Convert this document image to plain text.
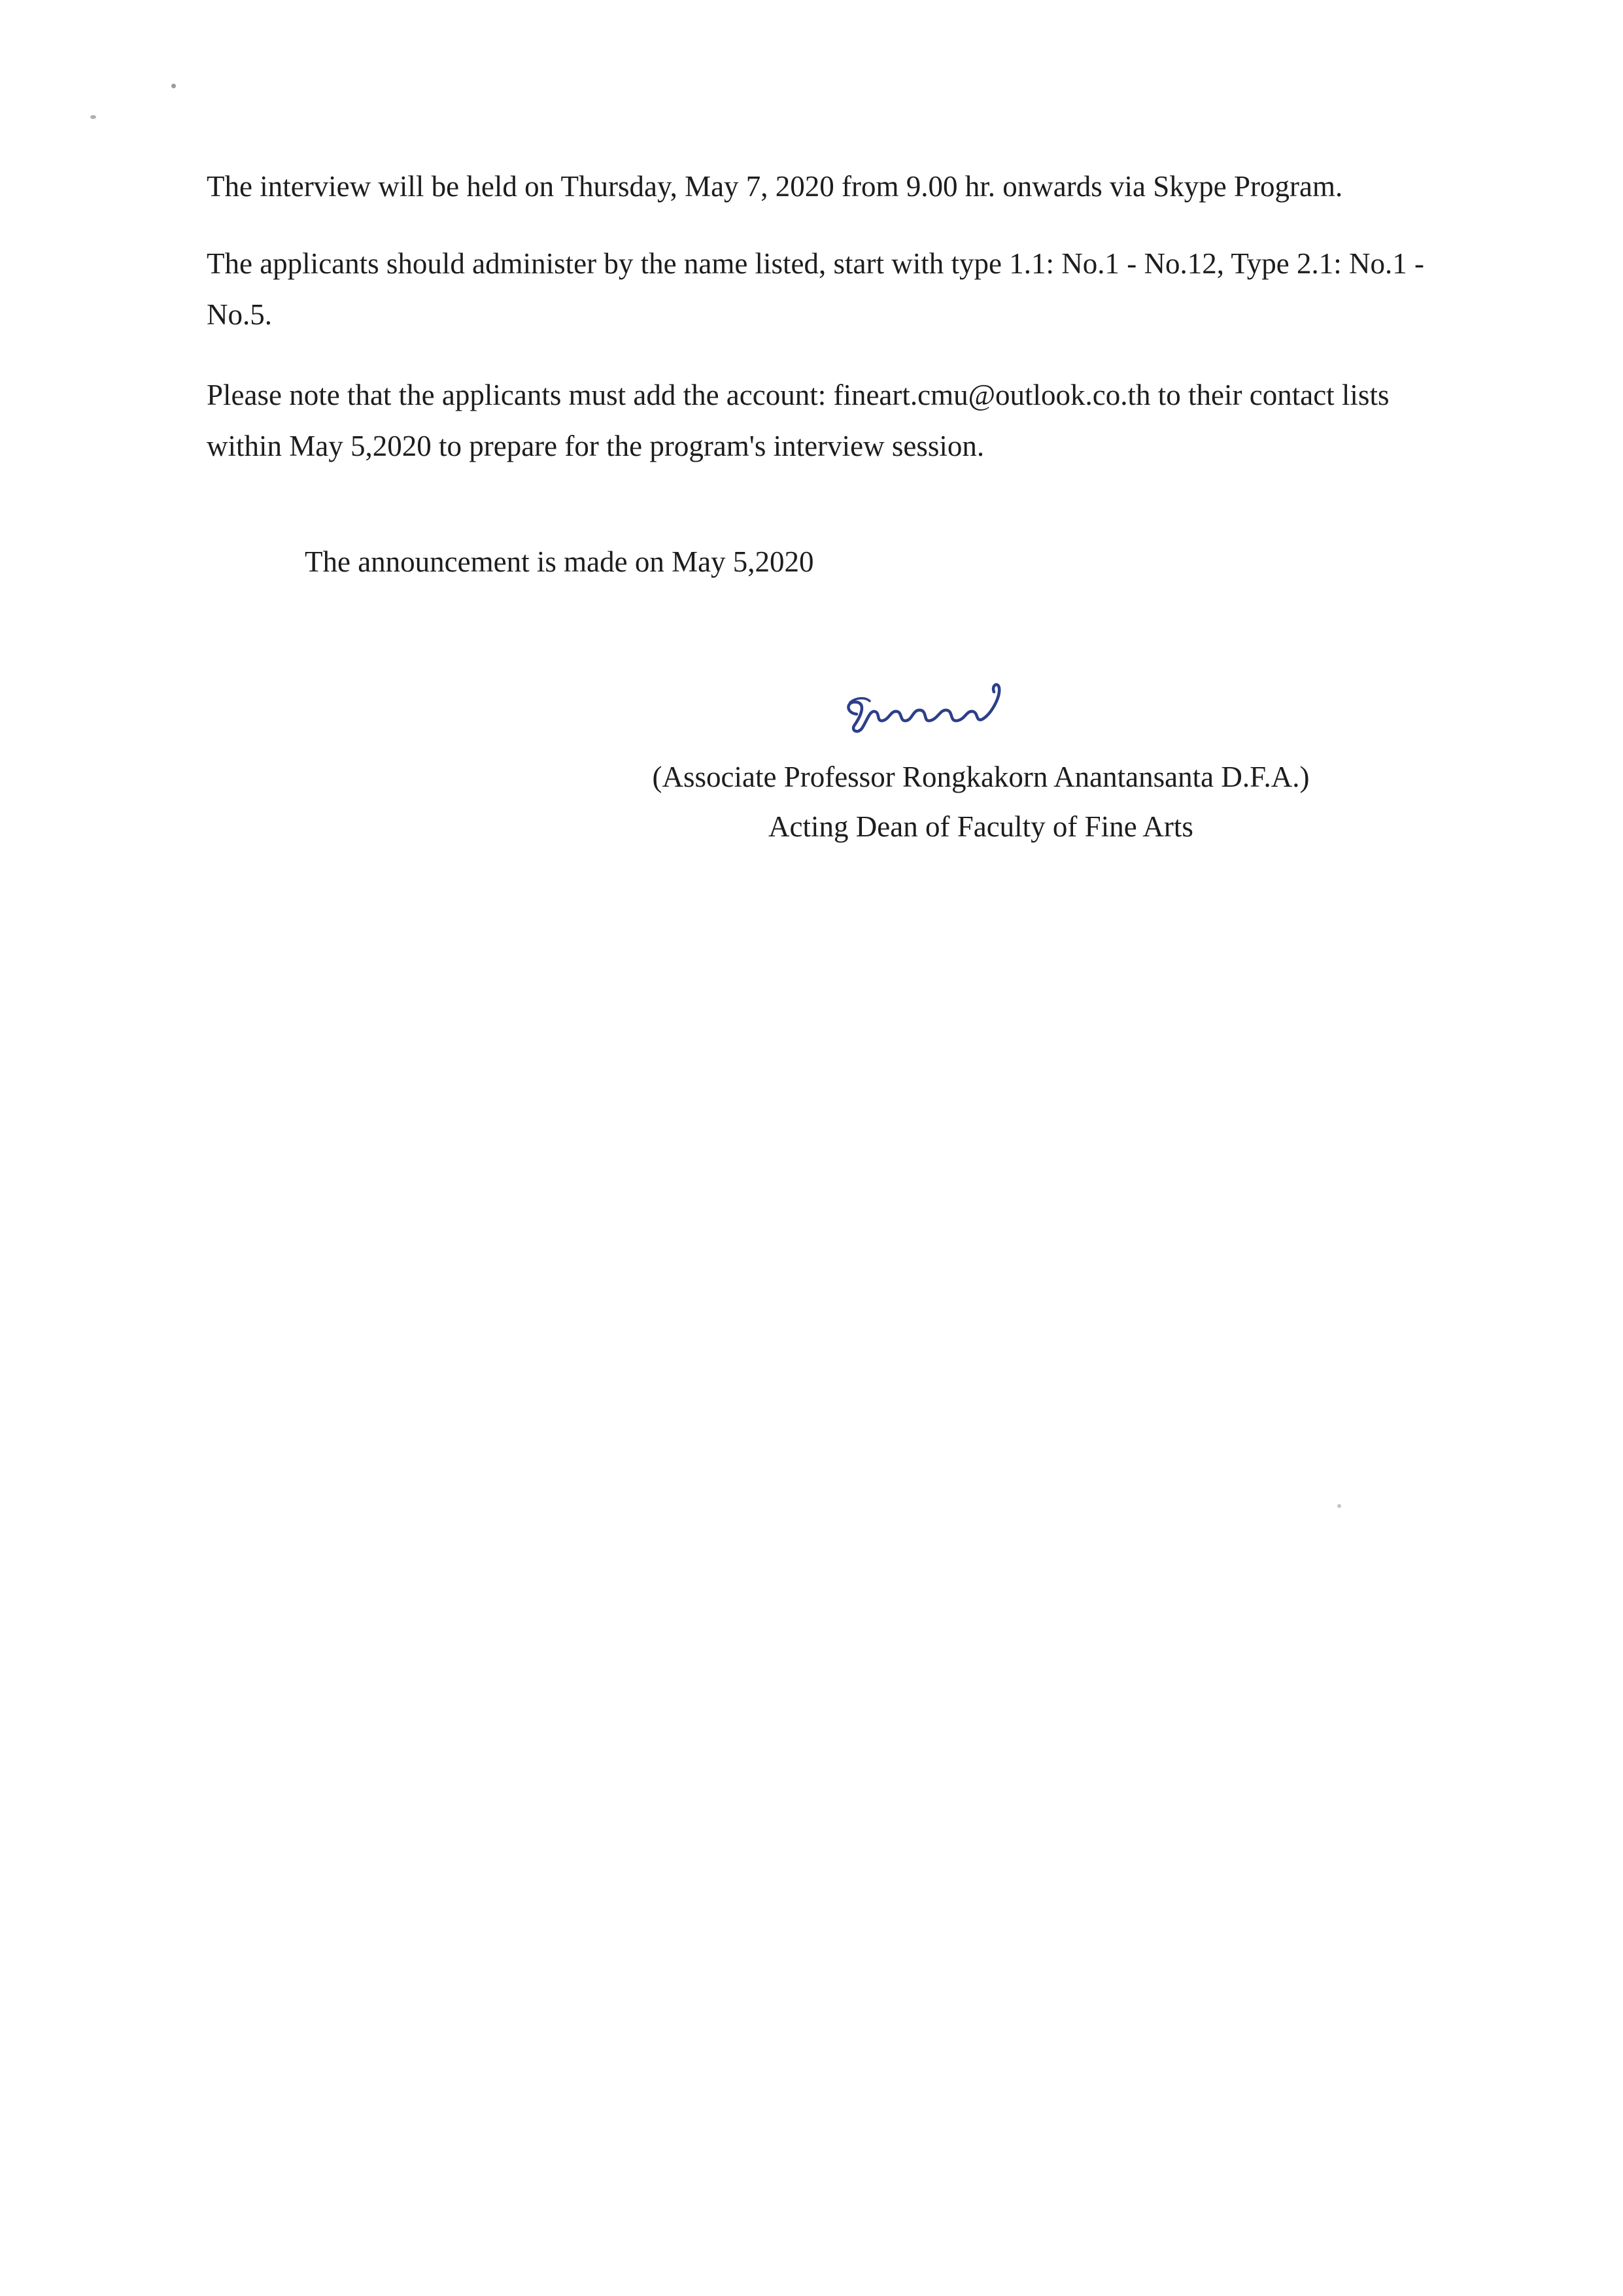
The interview will be held on Thursday, May 7, 2020 from 9.00 hr. onwards via Skype Program.

The applicants should administer by the name listed, start with type 1.1: No.1 - No.12, Type 2.1: No.1 - No.5.

Please note that the applicants must add the account: fineart.cmu@outlook.co.th to their contact lists within May 5,2020 to prepare for the program's interview session.

The announcement is made on May 5,2020

(Associate Professor Rongkakorn Anantansanta D.F.A.)

Acting Dean of Faculty of Fine Arts
